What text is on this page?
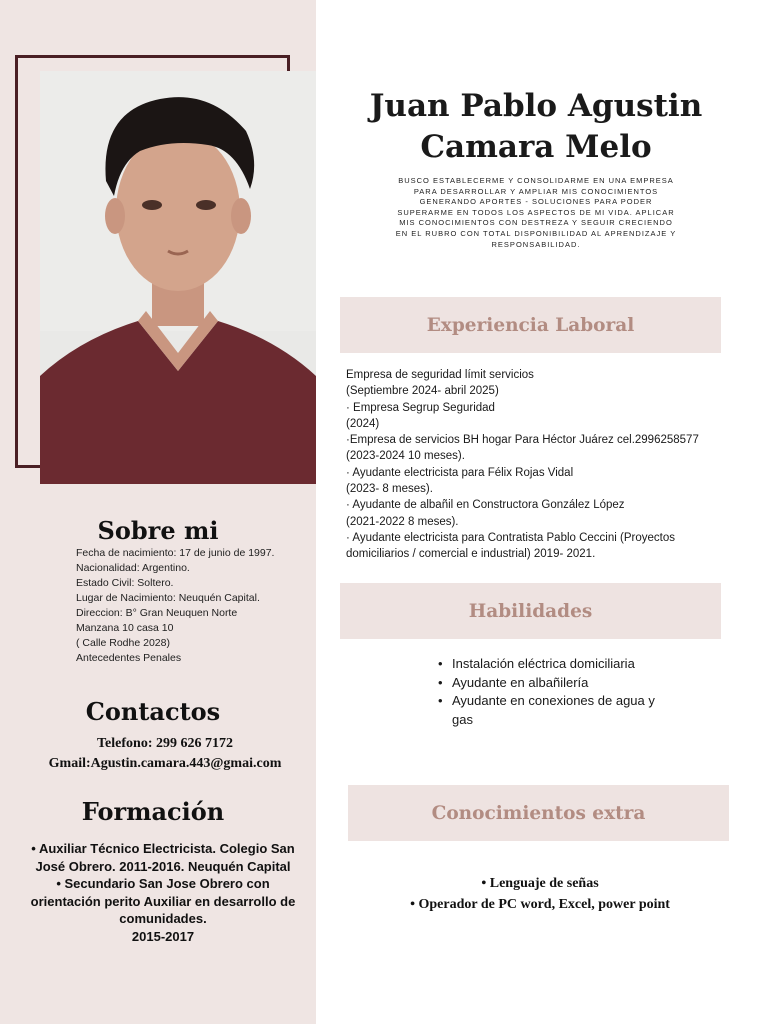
Sobre mi
Fecha de nacimiento: 17 de junio de 1997.
Nacionalidad: Argentino.
Estado Civil: Soltero.
Lugar de Nacimiento: Neuquén Capital.
Direccion: B° Gran Neuquen Norte Manzana 10 casa 10
( Calle Rodhe 2028)
Antecedentes Penales
Contactos
Telefono: 299 626 7172
Gmail:Agustin.camara.443@gmai.com
Formación

• Auxiliar Técnico Electricista. Colegio San José Obrero. 2011-2016. Neuquén Capital

• Secundario San Jose Obrero con orientación perito Auxiliar en desarrollo de comunidades.

2015-2017

Juan Pablo Agustin
Camara Melo
BUSCO ESTABLECERME Y CONSOLIDARME EN UNA EMPRESA PARA DESARROLLAR Y AMPLIAR MIS CONOCIMIENTOS GENERANDO APORTES - SOLUCIONES PARA PODER SUPERARME EN TODOS LOS ASPECTOS DE MI VIDA. APLICAR MIS CONOCIMIENTOS CON DESTREZA Y SEGUIR CRECIENDO EN EL RUBRO CON TOTAL DISPONIBILIDAD AL APRENDIZAJE Y RESPONSABILIDAD.
Experiencia Laboral
Empresa de seguridad límit servicios
(Septiembre 2024- abril 2025)
· Empresa Segrup Seguridad
(2024)
·Empresa de servicios BH hogar Para Héctor Juárez cel.2996258577
(2023-2024 10 meses).
· Ayudante electricista para Félix Rojas Vidal
(2023- 8 meses).
· Ayudante de albañil en Constructora González López
(2021-2022 8 meses).
· Ayudante electricista para Contratista Pablo Ceccini (Proyectos domiciliarios / comercial e industrial) 2019- 2021.
Habilidades
• Instalación eléctrica domiciliaria
• Ayudante en albañilería
• Ayudante en conexiones de agua y gas
Conocimientos extra
• Lenguaje de señas
• Operador de PC word, Excel, power point
